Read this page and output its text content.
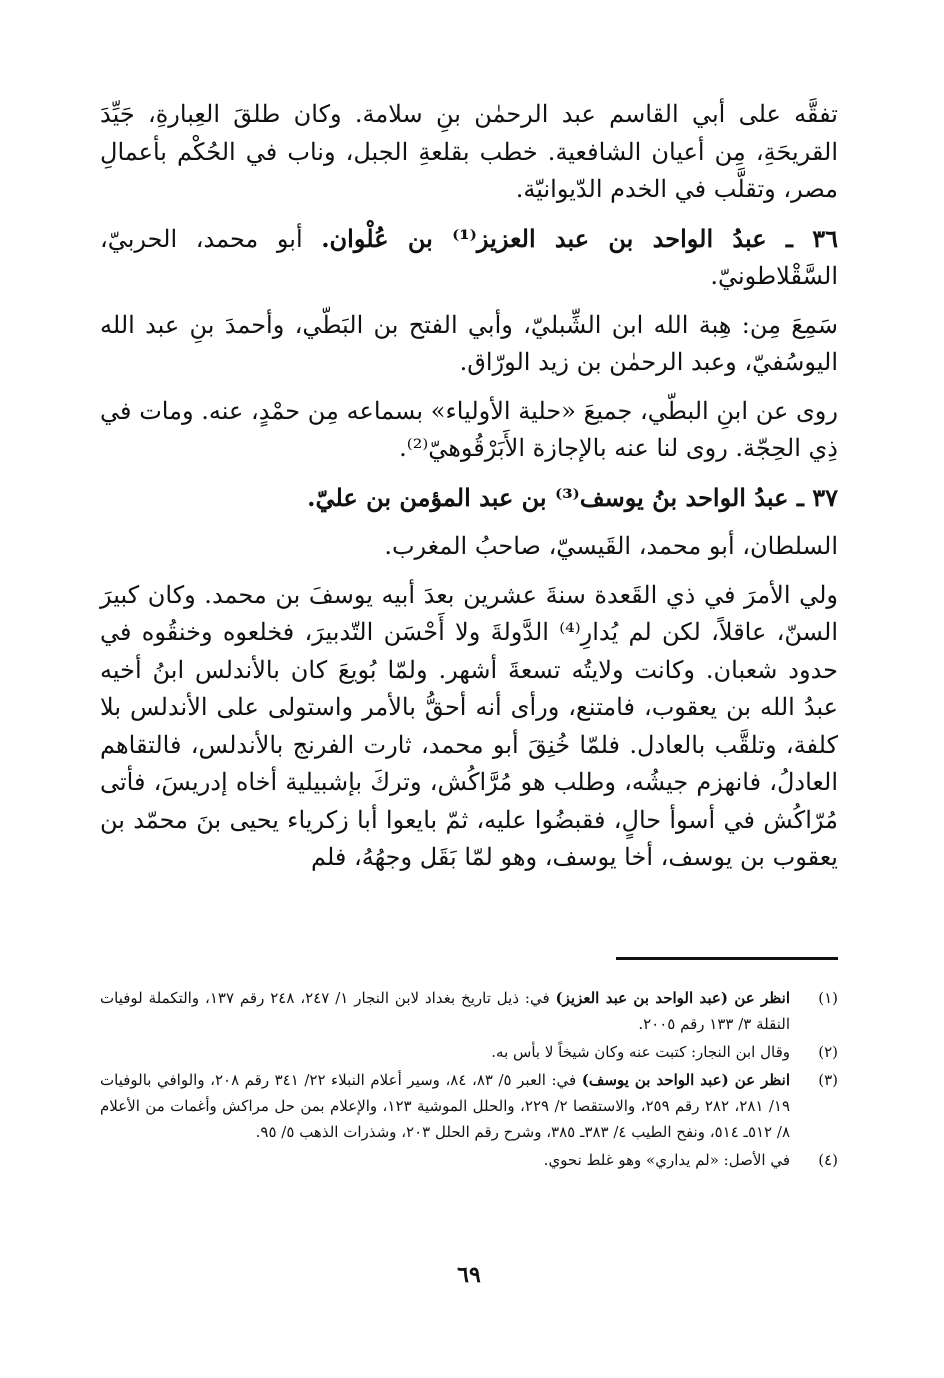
تفقَّه على أبي القاسم عبد الرحمٰن بنِ سلامة. وكان طلقَ العِبارةِ، جَيِّدَ القريحَةِ، مِن أعيان الشافعية. خطب بقلعةِ الجبل، وناب في الحُكْم بأعمالِ مصر، وتقلَّب في الخدم الدّيوانيّة.

٣٦ ـ عبدُ الواحد بن عبد العزيز⁽¹⁾ بن عُلْوان. أبو محمد، الحربيّ، السَّقْلاطونيّ.

سَمِعَ مِن: هِبة الله ابن الشِّبليّ، وأبي الفتح بن البَطّي، وأحمدَ بنِ عبد الله اليوسُفيّ، وعبد الرحمٰن بن زيد الورّاق.

روى عن ابنِ البطّي، جميعَ «حلية الأولياء» بسماعه مِن حمْدٍ، عنه. ومات في ذِي الحِجّة. روى لنا عنه بالإجازة الأَبَرْقُوهيّ⁽²⁾.

٣٧ ـ عبدُ الواحد بنُ يوسف⁽³⁾ بن عبد المؤمن بن عليّ.

السلطان، أبو محمد، القَيسيّ، صاحبُ المغرب.

ولي الأمرَ في ذي القَعدة سنةَ عشرين بعدَ أبيه يوسفَ بن محمد. وكان كبيرَ السنّ، عاقلاً، لكن لم يُدارِ⁽⁴⁾ الدَّولةَ ولا أَحْسَن التّدبيرَ، فخلعوه وخنقُوه في حدود شعبان. وكانت ولايتُه تسعةَ أشهر. ولمّا بُويعَ كان بالأندلس ابنُ أخيه عبدُ الله بن يعقوب، فامتنع، ورأى أنه أحقُّ بالأمر واستولى على الأندلس بلا كلفة، وتلقَّب بالعادل. فلمّا خُنِقَ أبو محمد، ثارت الفرنج بالأندلس، فالتقاهم العادلُ، فانهزم جيشُه، وطلب هو مُرَّاكُش، وتركَ بإشبيلية أخاه إدريسَ، فأتى مُرّاكُش في أسوأ حالٍ، فقبضُوا عليه، ثمّ بايعوا أبا زكرياء يحيى بنَ محمّد بن يعقوب بن يوسف، أخا يوسف، وهو لمّا بَقَل وجهُهُ، فلم

(١)
انظر عن (عبد الواحد بن عبد العزيز) في: ذيل تاريخ بغداد لابن النجار ١/ ٢٤٧، ٢٤٨ رقم ١٣٧، والتكملة لوفيات النقلة ٣/ ١٣٣ رقم ٢٠٠٥.
(٢)
وقال ابن النجار: كتبت عنه وكان شيخاً لا بأس به.
(٣)
انظر عن (عبد الواحد بن يوسف) في: العبر ٥/ ٨٣، ٨٤، وسير أعلام النبلاء ٢٢/ ٣٤١ رقم ٢٠٨، والوافي بالوفيات ١٩/ ٢٨١، ٢٨٢ رقم ٢٥٩، والاستقصا ٢/ ٢٢٩، والحلل الموشية ١٢٣، والإعلام بمن حل مراكش وأغمات من الأعلام ٨/ ٥١٢ـ ٥١٤، ونفح الطيب ٤/ ٣٨٣ـ ٣٨٥، وشرح رقم الحلل ٢٠٣، وشذرات الذهب ٥/ ٩٥.
(٤)
في الأصل: «لم يداري» وهو غلط نحوي.
٦٩
